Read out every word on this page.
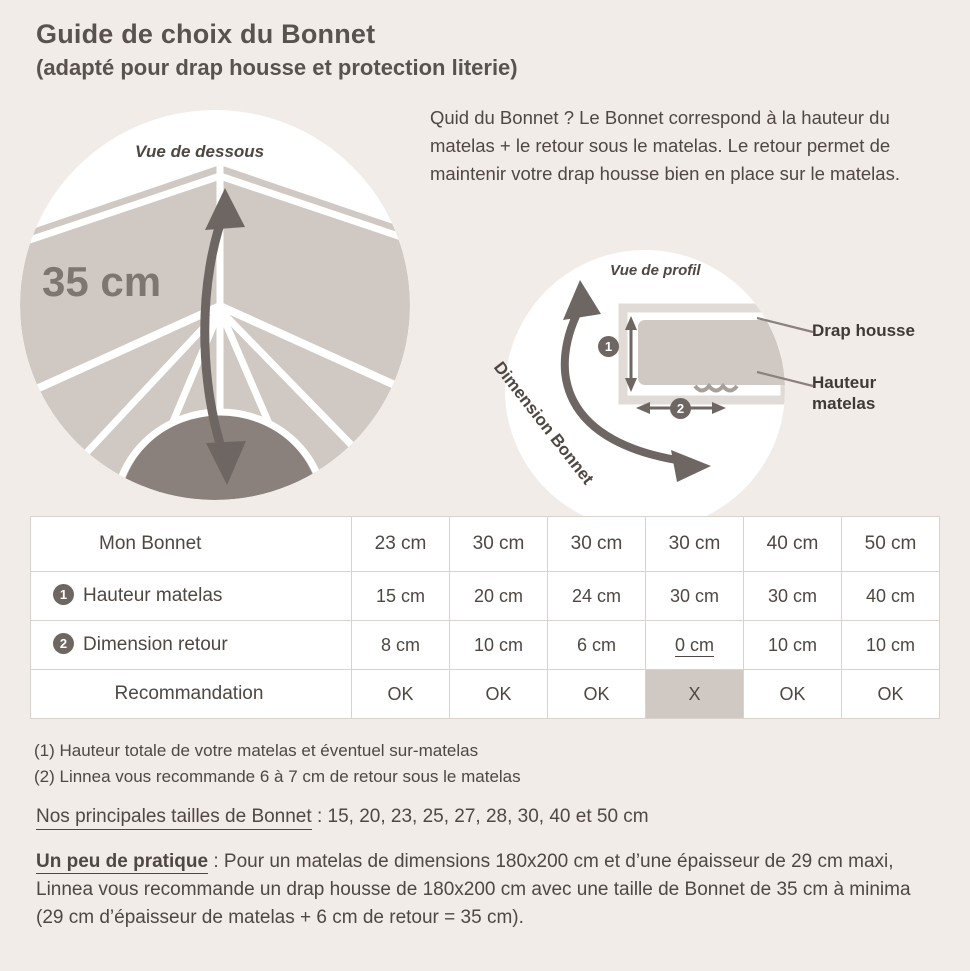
Guide de choix du Bonnet
(adapté pour drap housse et protection literie)
Quid du Bonnet ? Le Bonnet correspond à la hauteur du matelas + le retour sous le matelas. Le retour permet de maintenir votre drap housse bien en place sur le matelas.
Vue de dessous
35 cm	Vue de profil
1
2
Dimension Bonnet
Drap housse
Hauteur
matelas
Mon Bonnet	23 cm	30 cm	30 cm	30 cm	40 cm	50 cm
1 Hauteur matelas	15 cm	20 cm	24 cm	30 cm	30 cm	40 cm
2 Dimension retour	8 cm	10 cm	6 cm	0 cm	10 cm	10 cm
Recommandation	OK	OK	OK	X	OK	OK
(1) Hauteur totale de votre matelas et éventuel sur-matelas
(2) Linnea vous recommande 6 à 7 cm de retour sous le matelas
Nos principales tailles de Bonnet : 15, 20, 23, 25, 27, 28, 30, 40 et 50 cm
Un peu de pratique : Pour un matelas de dimensions 180x200 cm et d’une épaisseur de 29 cm maxi, Linnea vous recommande un drap housse de 180x200 cm avec une taille de Bonnet de 35 cm à minima (29 cm d’épaisseur de matelas + 6 cm de retour = 35 cm).
